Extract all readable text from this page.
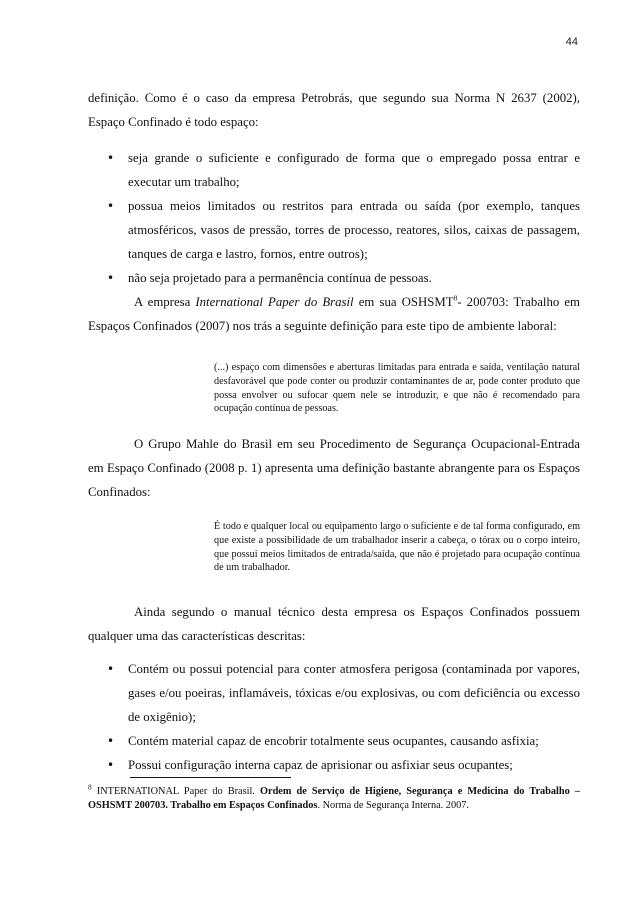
44

definição. Como é o caso da empresa Petrobrás, que segundo sua Norma N 2637 (2002), Espaço Confinado é todo espaço:

• seja grande o suficiente e configurado de forma que o empregado possa entrar e executar um trabalho;
• possua meios limitados ou restritos para entrada ou saída (por exemplo, tanques atmosféricos, vasos de pressão, torres de processo, reatores, silos, caixas de passagem, tanques de carga e lastro, fornos, entre outros);
• não seja projetado para a permanência contínua de pessoas.

A empresa International Paper do Brasil em sua OSHSMT$^8$- 200703: Trabalho em Espaços Confinados (2007) nos trás a seguinte definição para este tipo de ambiente laboral:

(...) espaço com dimensões e aberturas limitadas para entrada e saída, ventilação natural desfavorável que pode conter ou produzir contaminantes de ar, pode conter produto que possa envolver ou sufocar quem nele se introduzir, e que não é recomendado para ocupação contínua de pessoas.

O Grupo Mahle do Brasil em seu Procedimento de Segurança Ocupacional-Entrada em Espaço Confinado (2008 p. 1) apresenta uma definição bastante abrangente para os Espaços Confinados:

É todo e qualquer local ou equipamento largo o suficiente e de tal forma configurado, em que existe a possibilidade de um trabalhador inserir a cabeça, o tórax ou o corpo inteiro, que possui meios limitados de entrada/saída, que não é projetado para ocupação contínua de um trabalhador.

Ainda segundo o manual técnico desta empresa os Espaços Confinados possuem qualquer uma das características descritas:

• Contém ou possui potencial para conter atmosfera perigosa (contaminada por vapores, gases e/ou poeiras, inflamáveis, tóxicas e/ou explosivas, ou com deficiência ou excesso de oxigênio);
• Contém material capaz de encobrir totalmente seus ocupantes, causando asfixia;
• Possui configuração interna capaz de aprisionar ou asfixiar seus ocupantes;

$^8$ INTERNATIONAL Paper do Brasil. Ordem de Serviço de Higiene, Segurança e Medicina do Trabalho – OSHSMT 200703. Trabalho em Espaços Confinados. Norma de Segurança Interna. 2007.
